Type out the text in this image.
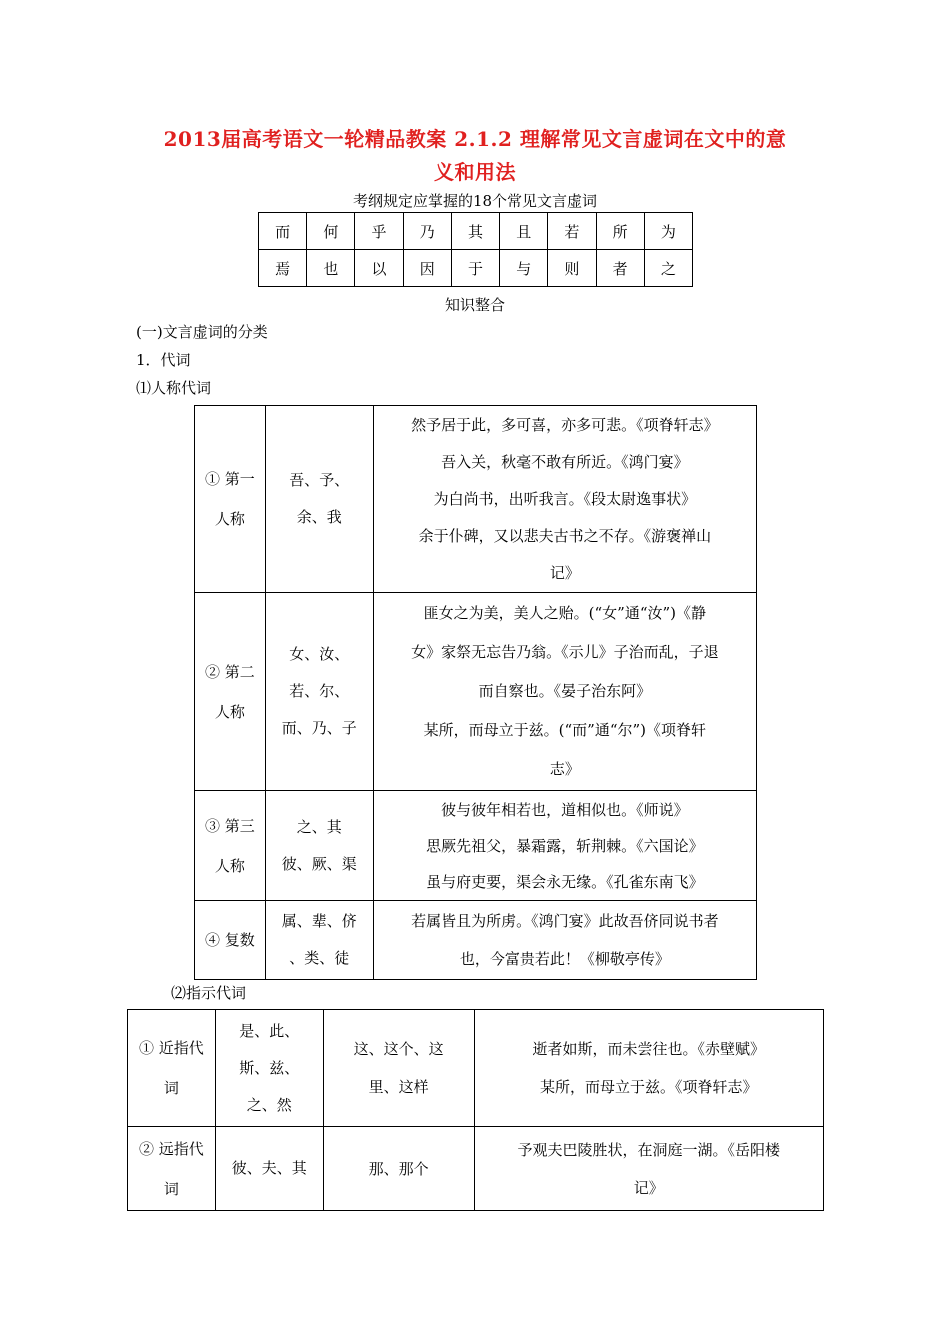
2013届高考语文一轮精品教案 2.1.2 理解常见文言虚词在文中的意
义和用法
考纲规定应掌握的18个常见文言虚词
而	何	乎	乃	其	且	若	所	为
焉	也	以	因	于	与	则	者	之
知识整合
(一)文言虚词的分类
1．代词
⑴人称代词
① 第一
人称	吾、予、
余、我	然予居于此，多可喜，亦多可悲。《项脊轩志》
吾入关，秋毫不敢有所近。《鸿门宴》
为白尚书，出听我言。《段太尉逸事状》
余于仆碑，又以悲夫古书之不存。《游褒禅山
记》

② 第二
人称	女、汝、
若、尔、
而、乃、子	匪女之为美，美人之贻。(“女”通“汝”)《静
女》家祭无忘告乃翁。《示儿》子治而乱，子退
而自察也。《晏子治东阿》
某所，而母立于兹。(“而”通“尔”)《项脊轩
志》

③ 第三
人称	之、其
彼、厥、渠	彼与彼年相若也，道相似也。《师说》
思厥先祖父，暴霜露，斩荆棘。《六国论》
虽与府吏要，渠会永无缘。《孔雀东南飞》

④ 复数	属、辈、侪
、类、徒	若属皆且为所虏。《鸿门宴》此故吾侪同说书者
也，今富贵若此！《柳敬亭传》
⑵指示代词
① 近指代
词	是、此、
斯、兹、
之、然	这、这个、这
里、这样	逝者如斯，而未尝往也。《赤壁赋》
某所，而母立于兹。《项脊轩志》

② 远指代
词	彼、夫、其	那、那个	予观夫巴陵胜状，在洞庭一湖。《岳阳楼
记》
